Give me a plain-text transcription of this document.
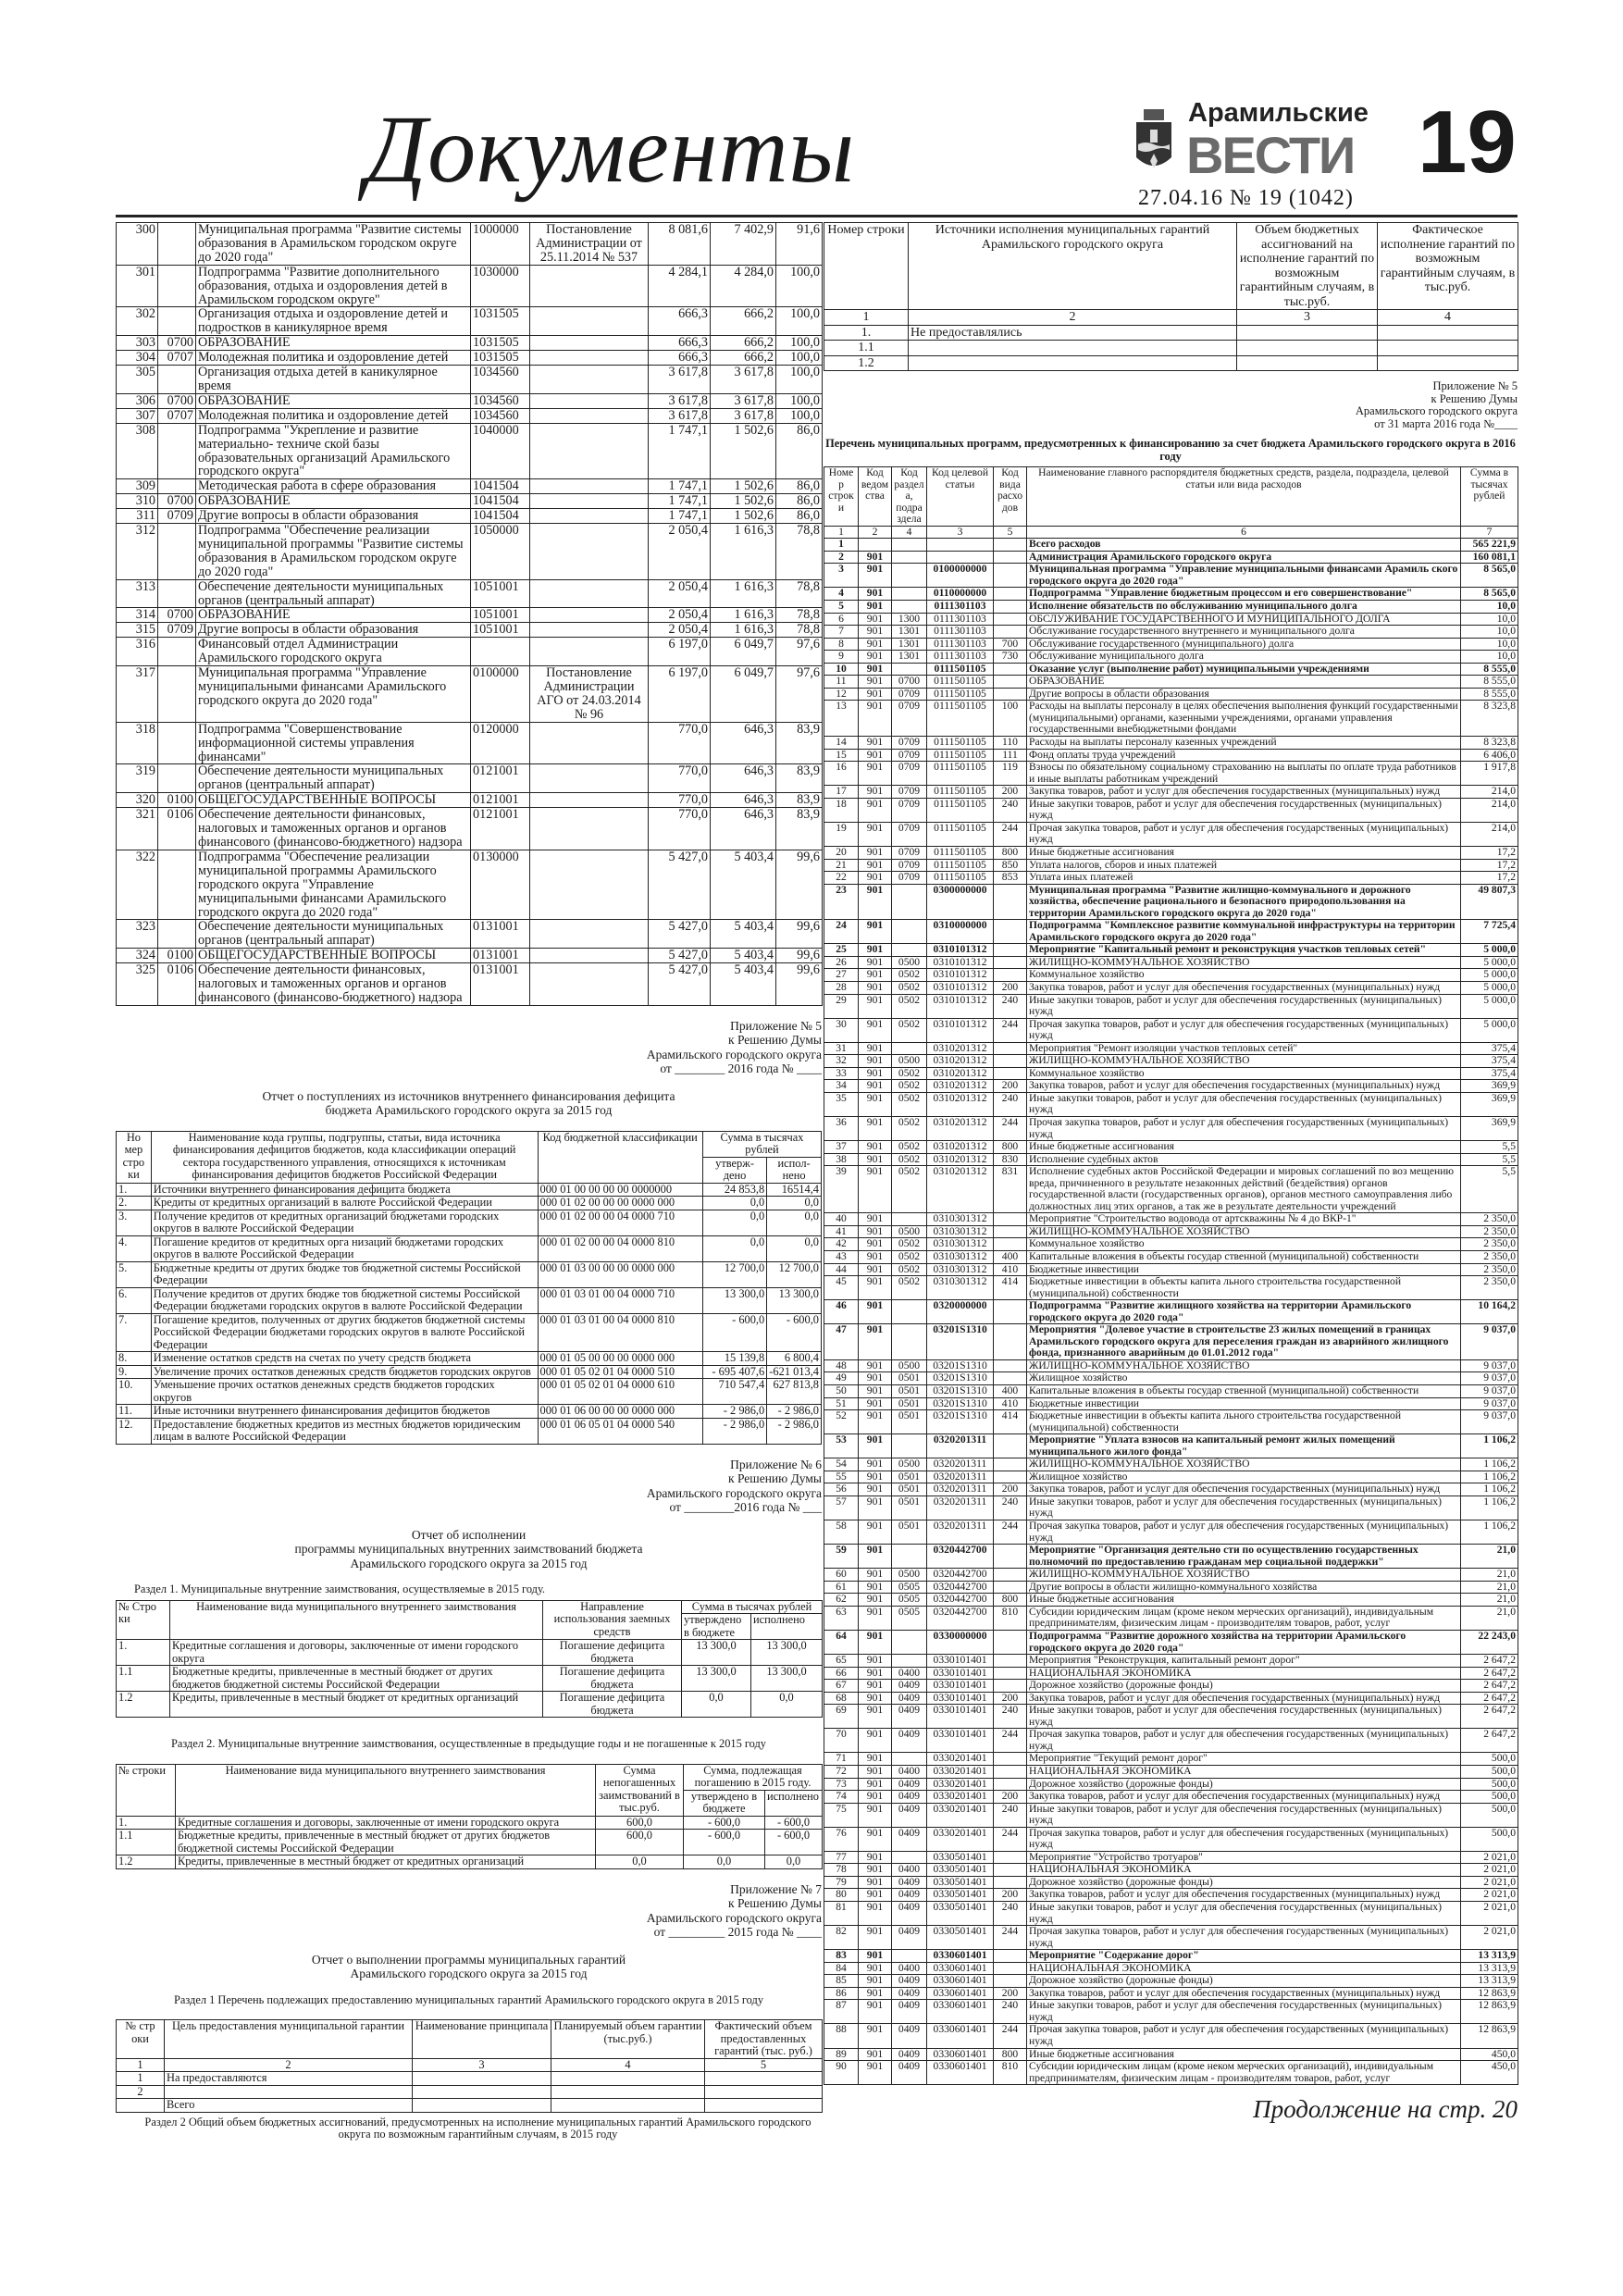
Документы	Арамильские
ВЕСТИ 19
27.04.16 № 19 (1042)
300		Муниципальная программа "Развитие системы образования в Арамильском городском округе до 2020 года"	1000000	Постановление Администрации от 25.11.2014 № 537	8 081,6	7 402,9	91,6
301		Подпрограмма "Развитие дополнительного образования, отдыха и оздоровления детей в Арамильском городском округе"	1030000		4 284,1	4 284,0	100,0
302		Организация отдыха и оздоровление детей и подростков в каникулярное время	1031505		666,3	666,2	100,0
303	0700	ОБРАЗОВАНИЕ	1031505		666,3	666,2	100,0
304	0707	Молодежная политика и оздоровление детей	1031505		666,3	666,2	100,0
305		Организация отдыха детей в каникулярное время	1034560		3 617,8	3 617,8	100,0
306	0700	ОБРАЗОВАНИЕ	1034560		3 617,8	3 617,8	100,0
307	0707	Молодежная политика и оздоровление детей	1034560		3 617,8	3 617,8	100,0
308		Подпрограмма "Укрепление и развитие материально- техниче ской базы образовательных организаций Арамильского городского округа"	1040000		1 747,1	1 502,6	86,0
309		Методическая работа в сфере образования	1041504		1 747,1	1 502,6	86,0
310	0700	ОБРАЗОВАНИЕ	1041504		1 747,1	1 502,6	86,0
311	0709	Другие вопросы в области образования	1041504		1 747,1	1 502,6	86,0
312		Подпрограмма "Обеспечение реализации муниципальной программы "Развитие системы образования в Арамильском городском округе до 2020 года"	1050000		2 050,4	1 616,3	78,8
313		Обеспечение деятельности муниципальных органов (центральный аппарат)	1051001		2 050,4	1 616,3	78,8
314	0700	ОБРАЗОВАНИЕ	1051001		2 050,4	1 616,3	78,8
315	0709	Другие вопросы в области образования	1051001		2 050,4	1 616,3	78,8
316		Финансовый отдел Администрации Арамильского городского округа			6 197,0	6 049,7	97,6
317		Муниципальная программа "Управление муниципальными финансами Арамильского городского округа до 2020 года"	0100000	Постановление Администрации АГО от 24.03.2014 № 96	6 197,0	6 049,7	97,6
318		Подпрограмма "Совершенствование информационной системы управления финансами"	0120000		770,0	646,3	83,9
319		Обеспечение деятельности муниципальных органов (центральный аппарат)	0121001		770,0	646,3	83,9
320	0100	ОБЩЕГОСУДАРСТВЕННЫЕ ВОПРОСЫ	0121001		770,0	646,3	83,9
321	0106	Обеспечение деятельности финансовых, налоговых и таможенных органов и органов финансового (финансово-бюджетного) надзора	0121001		770,0	646,3	83,9
322		Подпрограмма "Обеспечение реализации муниципальной программы Арамильского городского округа "Управление муниципальными финансами Арамильского городского округа до 2020 года"	0130000		5 427,0	5 403,4	99,6
323		Обеспечение деятельности муниципальных органов (центральный аппарат)	0131001		5 427,0	5 403,4	99,6
324	0100	ОБЩЕГОСУДАРСТВЕННЫЕ ВОПРОСЫ	0131001		5 427,0	5 403,4	99,6
325	0106	Обеспечение деятельности финансовых, налоговых и таможенных органов и органов финансового (финансово-бюджетного) надзора	0131001		5 427,0	5 403,4	99,6
Приложение № 5
к Решению Думы
Арамильского городского округа
от ________ 2016 года № ____
Отчет о поступлениях из источников внутреннего финансирования дефицита
бюджета Арамильского городского округа за 2015 год
Но мер стро ки	Наименование кода группы, подгруппы, статьи, вида источника финансирования дефицитов бюджетов, кода классификации операций сектора государственного управления, относящихся к источникам финансирования дефицитов бюджетов Российской Федерации	Код бюджетной классификации	Сумма в тысячах рублей	
			утверж-дено	испол-нено
1.	Источники внутреннего финансирования дефицита бюджета	000 01 00 00 00 00 0000000	24 853,8	16514,4
2.	Кредиты от кредитных организаций в валюте Российской Федерации	000 01 02 00 00 00 0000 000	0,0	0,0
3.	Получение кредитов от кредитных организаций бюджетами городских округов в валюте Российской Федерации	000 01 02 00 00 04 0000 710	0,0	0,0
4.	Погашение кредитов от кредитных орга низаций бюджетами городских округов в валюте Российской Федерации	000 01 02 00 00 04 0000 810	0,0	0,0
5.	Бюджетные кредиты от других бюдже тов бюджетной системы Российской Федерации	000 01 03 00 00 00 0000 000	12 700,0	12 700,0
6.	Получение кредитов от других бюдже тов бюджетной системы Российской Федерации бюджетами городских округов в валюте Российской Федерации	000 01 03 01 00 04 0000 710	13 300,0	13 300,0
7.	Погашение кредитов, полученных от других бюджетов бюджетной системы Российской Федерации бюджетами городских округов в валюте Российской Федерации	000 01 03 01 00 04 0000 810	- 600,0	- 600,0
8.	Изменение остатков средств на счетах по учету средств бюджета	000 01 05 00 00 00 0000 000	15 139,8	6 800,4
9.	Увеличение прочих остатков денежных средств бюджетов городских округов	000 01 05 02 01 04 0000 510	- 695 407,6	-621 013,4
10.	Уменьшение прочих остатков денежных средств бюджетов городских округов	000 01 05 02 01 04 0000 610	710 547,4	627 813,8
11.	Иные источники внутреннего финансирования дефицитов бюджетов	000 01 06 00 00 00 0000 000	- 2 986,0	- 2 986,0
12.	Предоставление бюджетных кредитов из местных бюджетов юридическим лицам в валюте Российской Федерации	000 01 06 05 01 04 0000 540	- 2 986,0	- 2 986,0
Приложение № 6
к Решению Думы
Арамильского городского округа
от ________2016 года № ___
Отчет об исполнении
программы муниципальных внутренних заимствований бюджета
Арамильского городского округа за 2015 год
Раздел 1. Муниципальные внутренние заимствования, осуществляемые в 2015 году.
№ Стро ки	Наименование вида муниципального внутреннего заимствования	Направление использования заемных средств	Сумма в тысячах рублей	
			утверждено в бюджете	исполнено
1.	Кредитные соглашения и договоры, заключенные от имени городского округа	Погашение дефицита бюджета	13 300,0	13 300,0
1.1	Бюджетные кредиты, привлеченные в местный бюджет от других бюджетов бюджетной системы Российской Федерации	Погашение дефицита бюджета	13 300,0	13 300,0
1.2	Кредиты, привлеченные в местный бюджет от кредитных организаций	Погашение дефицита бюджета	0,0	0,0
Раздел 2. Муниципальные внутренние заимствования, осуществленные в предыдущие годы и не погашенные к 2015 году
№ строки	Наименование вида муниципального внутреннего заимствования	Сумма непогашенных заимствований в тыс.руб.	Сумма, подлежащая погашению в 2015 году.	
			утверждено в бюджете	исполнено
1.	Кредитные соглашения и договоры, заключенные от имени городского округа	600,0	- 600,0	- 600,0
1.1	Бюджетные кредиты, привлеченные в местный бюджет от других бюджетов бюджетной системы Российской Федерации	600,0	- 600,0	- 600,0
1.2	Кредиты, привлеченные в местный бюджет от кредитных организаций	0,0	0,0	0,0
Приложение № 7
к Решению Думы
Арамильского городского округа
от _________ 2015 года № ____
Отчет о выполнении программы муниципальных гарантий
Арамильского городского округа за 2015 год
Раздел 1 Перечень подлежащих предоставлению муниципальных гарантий Арамильского городского округа в 2015 году
№ стр оки	Цель предоставления муниципальной гарантии	Наименование принципала	Планируемый объем гарантии (тыс.руб.)	Фактический объем предоставленных гарантий (тыс. руб.)
1	2	3	4	5
1	На предоставляются			
2				
	Всего			
Раздел 2 Общий объем бюджетных ассигнований, предусмотренных на исполнение муниципальных гарантий Арамильского городского округа по возможным гарантийным случаям, в 2015 году
Номер строки	Источники исполнения муниципальных гарантий Арамильского городского округа	Объем бюджетных ассигнований на исполнение гарантий по возможным гарантийным случаям, в тыс.руб.	Фактическое исполнение гарантий по возможным гарантийным случаям, в тыс.руб.
1	2	3	4
1.	Не предоставлялись		
1.1			
1.2			
Приложение № 5
к Решению Думы
Арамильского городского округа
от 31 марта 2016 года №____
Перечень муниципальных программ, предусмотренных к финансированию за счет бюджета Арамильского городского округа в 2016 году
Номер строки	Код ведомства	Код раздела, подраздела	Код целевой статьи	Код вида расходов	Наименование главного распорядителя бюджетных средств, раздела, подраздела, целевой статьи или вида расходов	Сумма в тысячах рублей
1	2	4	3	5	6	7
1					Всего расходов	565 221,9
2	901				Администрация Арамильского городского округа	160 081,1
3	901		0100000000		Муниципальная программа "Управление муниципальными финансами Арамиль ского городского округа до 2020 года"	8 565,0
4	901		0110000000		Подпрограмма "Управление бюджетным процессом и его совершенствование"	8 565,0
5	901		0111301103		Исполнение обязательств по обслуживанию муниципального долга	10,0
6	901	1300	0111301103		ОБСЛУЖИВАНИЕ ГОСУДАРСТВЕННОГО И МУНИЦИПАЛЬНОГО ДОЛГА	10,0
7	901	1301	0111301103		Обслуживание государственного внутреннего и муниципального долга	10,0
8	901	1301	0111301103	700	Обслуживание государственного (муниципального) долга	10,0
9	901	1301	0111301103	730	Обслуживание муниципального долга	10,0
10	901		0111501105		Оказание услуг (выполнение работ) муниципальными учреждениями	8 555,0
11	901	0700	0111501105		ОБРАЗОВАНИЕ	8 555,0
12	901	0709	0111501105		Другие вопросы в области образования	8 555,0
13	901	0709	0111501105	100	Расходы на выплаты персоналу в целях обеспечения выполнения функций государственными (муниципальными) органами, казенными учреждениями, органами управления государственными внебюджетными фондами	8 323,8
14	901	0709	0111501105	110	Расходы на выплаты персоналу казенных учреждений	8 323,8
15	901	0709	0111501105	111	Фонд оплаты труда учреждений	6 406,0
16	901	0709	0111501105	119	Взносы по обязательному социальному страхованию на выплаты по оплате труда работников и иные выплаты работникам учреждений	1 917,8
17	901	0709	0111501105	200	Закупка товаров, работ и услуг для обеспечения государственных (муниципальных) нужд	214,0
18	901	0709	0111501105	240	Иные закупки товаров, работ и услуг для обеспечения государственных (муниципальных) нужд	214,0
19	901	0709	0111501105	244	Прочая закупка товаров, работ и услуг для обеспечения государственных (муниципальных) нужд	214,0
20	901	0709	0111501105	800	Иные бюджетные ассигнования	17,2
21	901	0709	0111501105	850	Уплата налогов, сборов и иных платежей	17,2
22	901	0709	0111501105	853	Уплата иных платежей	17,2
23	901		0300000000		Муниципальная программа "Развитие жилищно-коммунального и дорожного хозяйства, обеспечение рационального и безопасного природопользования на территории Арамильского городского округа до 2020 года"	49 807,3
24	901		0310000000		Подпрограмма "Комплексное развитие коммунальной инфраструктуры на территории Арамильского городского округа до 2020 года"	7 725,4
25	901		0310101312		Мероприятие "Капитальный ремонт и реконструкция участков тепловых сетей"	5 000,0
26	901	0500	0310101312		ЖИЛИЩНО-КОММУНАЛЬНОЕ ХОЗЯЙСТВО	5 000,0
27	901	0502	0310101312		Коммунальное хозяйство	5 000,0
28	901	0502	0310101312	200	Закупка товаров, работ и услуг для обеспечения государственных (муниципальных) нужд	5 000,0
29	901	0502	0310101312	240	Иные закупки товаров, работ и услуг для обеспечения государственных (муниципальных) нужд	5 000,0
30	901	0502	0310101312	244	Прочая закупка товаров, работ и услуг для обеспечения государственных (муниципальных) нужд	5 000,0
31	901		0310201312		Мероприятия "Ремонт изоляции участков тепловых сетей"	375,4
32	901	0500	0310201312		ЖИЛИЩНО-КОММУНАЛЬНОЕ ХОЗЯЙСТВО	375,4
33	901	0502	0310201312		Коммунальное хозяйство	375,4
34	901	0502	0310201312	200	Закупка товаров, работ и услуг для обеспечения государственных (муниципальных) нужд	369,9
35	901	0502	0310201312	240	Иные закупки товаров, работ и услуг для обеспечения государственных (муниципальных) нужд	369,9
36	901	0502	0310201312	244	Прочая закупка товаров, работ и услуг для обеспечения государственных (муниципальных) нужд	369,9
37	901	0502	0310201312	800	Иные бюджетные ассигнования	5,5
38	901	0502	0310201312	830	Исполнение судебных актов	5,5
39	901	0502	0310201312	831	Исполнение судебных актов Российской Федерации и мировых соглашений по воз мещению вреда, причиненного в результате незаконных действий (бездействия) органов государственной власти (государственных органов), органов местного самоуправления либо должностных лиц этих органов, а так же в результате деятельности учреждений	5,5
40	901		0310301312		Мероприятие "Строительство водовода от артскважины № 4 до ВКР-1"	2 350,0
41	901	0500	0310301312		ЖИЛИЩНО-КОММУНАЛЬНОЕ ХОЗЯЙСТВО	2 350,0
42	901	0502	0310301312		Коммунальное хозяйство	2 350,0
43	901	0502	0310301312	400	Капитальные вложения в объекты государ ственной (муниципальной) собственности	2 350,0
44	901	0502	0310301312	410	Бюджетные инвестиции	2 350,0
45	901	0502	0310301312	414	Бюджетные инвестиции в объекты капита льного строительства государственной (муниципальной) собственности	2 350,0
46	901		0320000000		Подпрограмма "Развитие жилищного хозяйства на территории Арамильского городского округа до 2020 года"	10 164,2
47	901		03201S1310		Мероприятия "Долевое участие в строительстве 23 жилых помещений в границах Арамильского городского округа для переселения граждан из аварийного жилищного фонда, признанного аварийным до 01.01.2012 года"	9 037,0
48	901	0500	03201S1310		ЖИЛИЩНО-КОММУНАЛЬНОЕ ХОЗЯЙСТВО	9 037,0
49	901	0501	03201S1310		Жилищное хозяйство	9 037,0
50	901	0501	03201S1310	400	Капитальные вложения в объекты государ ственной (муниципальной) собственности	9 037,0
51	901	0501	03201S1310	410	Бюджетные инвестиции	9 037,0
52	901	0501	03201S1310	414	Бюджетные инвестиции в объекты капита льного строительства государственной (муниципальной) собственности	9 037,0
53	901		0320201311		Мероприятие "Уплата взносов на капитальный ремонт жилых помещений муниципального жилого фонда"	1 106,2
54	901	0500	0320201311		ЖИЛИЩНО-КОММУНАЛЬНОЕ ХОЗЯЙСТВО	1 106,2
55	901	0501	0320201311		Жилищное хозяйство	1 106,2
56	901	0501	0320201311	200	Закупка товаров, работ и услуг для обеспечения государственных (муниципальных) нужд	1 106,2
57	901	0501	0320201311	240	Иные закупки товаров, работ и услуг для обеспечения государственных (муниципальных) нужд	1 106,2
58	901	0501	0320201311	244	Прочая закупка товаров, работ и услуг для обеспечения государственных (муниципальных) нужд	1 106,2
59	901		0320442700		Мероприятие "Организация деятельно сти по осуществлению государственных полномочий по предоставлению гражданам мер социальной поддержки"	21,0
60	901	0500	0320442700		ЖИЛИЩНО-КОММУНАЛЬНОЕ ХОЗЯЙСТВО	21,0
61	901	0505	0320442700		Другие вопросы в области жилищно-коммунального хозяйства	21,0
62	901	0505	0320442700	800	Иные бюджетные ассигнования	21,0
63	901	0505	0320442700	810	Субсидии юридическим лицам (кроме неком мерческих организаций), индивидуальным предпринимателям, физическим лицам - производителям товаров, работ, услуг	21,0
64	901		0330000000		Подпрограмма "Развитие дорожного хозяйства на территории Арамильского городского округа до 2020 года"	22 243,0
65	901		0330101401		Мероприятия "Реконструкция, капитальный ремонт дорог"	2 647,2
66	901	0400	0330101401		НАЦИОНАЛЬНАЯ ЭКОНОМИКА	2 647,2
67	901	0409	0330101401		Дорожное хозяйство (дорожные фонды)	2 647,2
68	901	0409	0330101401	200	Закупка товаров, работ и услуг для обеспечения государственных (муниципальных) нужд	2 647,2
69	901	0409	0330101401	240	Иные закупки товаров, работ и услуг для обеспечения государственных (муниципальных) нужд	2 647,2
70	901	0409	0330101401	244	Прочая закупка товаров, работ и услуг для обеспечения государственных (муниципальных) нужд	2 647,2
71	901		0330201401		Мероприятие "Текущий ремонт дорог"	500,0
72	901	0400	0330201401		НАЦИОНАЛЬНАЯ ЭКОНОМИКА	500,0
73	901	0409	0330201401		Дорожное хозяйство (дорожные фонды)	500,0
74	901	0409	0330201401	200	Закупка товаров, работ и услуг для обеспечения государственных (муниципальных) нужд	500,0
75	901	0409	0330201401	240	Иные закупки товаров, работ и услуг для обеспечения государственных (муниципальных) нужд	500,0
76	901	0409	0330201401	244	Прочая закупка товаров, работ и услуг для обеспечения государственных (муниципальных) нужд	500,0
77	901		0330501401		Мероприятие "Устройство тротуаров"	2 021,0
78	901	0400	0330501401		НАЦИОНАЛЬНАЯ ЭКОНОМИКА	2 021,0
79	901	0409	0330501401		Дорожное хозяйство (дорожные фонды)	2 021,0
80	901	0409	0330501401	200	Закупка товаров, работ и услуг для обеспечения государственных (муниципальных) нужд	2 021,0
81	901	0409	0330501401	240	Иные закупки товаров, работ и услуг для обеспечения государственных (муниципальных) нужд	2 021,0
82	901	0409	0330501401	244	Прочая закупка товаров, работ и услуг для обеспечения государственных (муниципальных) нужд	2 021,0
83	901		0330601401		Мероприятие "Содержание дорог"	13 313,9
84	901	0400	0330601401		НАЦИОНАЛЬНАЯ ЭКОНОМИКА	13 313,9
85	901	0409	0330601401		Дорожное хозяйство (дорожные фонды)	13 313,9
86	901	0409	0330601401	200	Закупка товаров, работ и услуг для обеспечения государственных (муниципальных) нужд	12 863,9
87	901	0409	0330601401	240	Иные закупки товаров, работ и услуг для обеспечения государственных (муниципальных) нужд	12 863,9
88	901	0409	0330601401	244	Прочая закупка товаров, работ и услуг для обеспечения государственных (муниципальных) нужд	12 863,9
89	901	0409	0330601401	800	Иные бюджетные ассигнования	450,0
90	901	0409	0330601401	810	Субсидии юридическим лицам (кроме неком мерческих организаций), индивидуальным предпринимателям, физическим лицам - производителям товаров, работ, услуг	450,0
Продолжение на стр. 20
